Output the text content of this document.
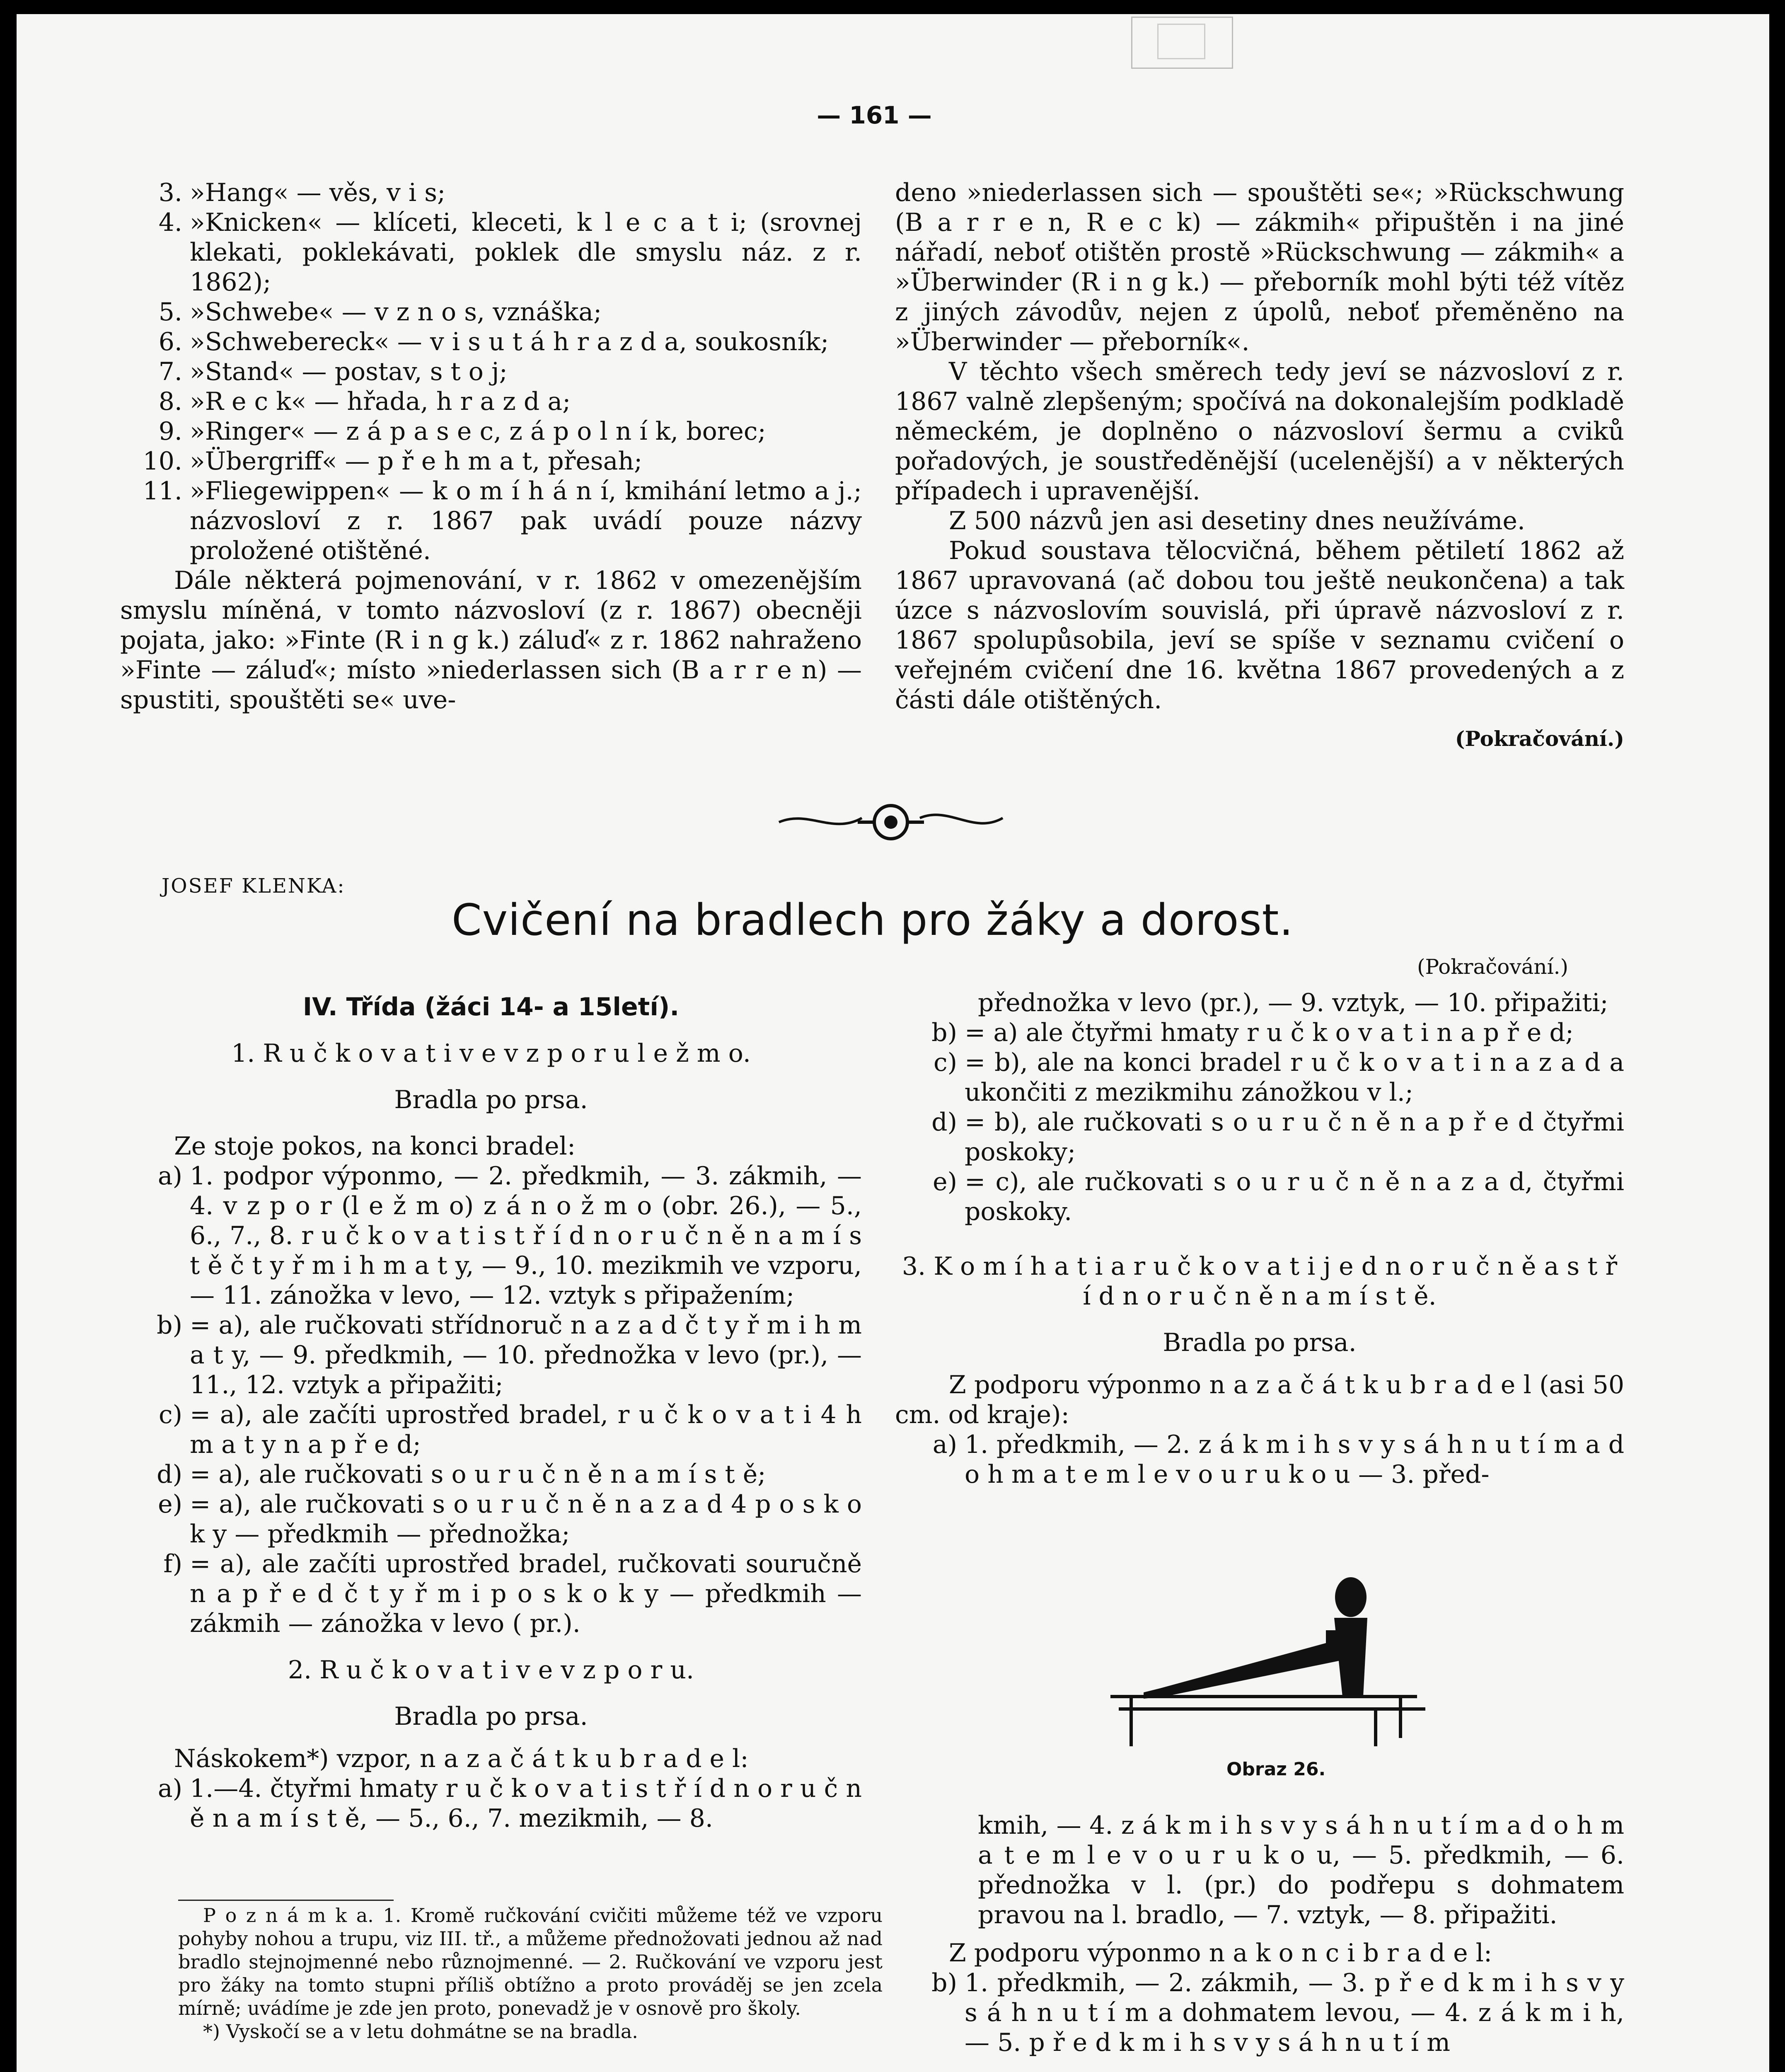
— 161 —
3. »Hang« — věs, v i s;
4. »Knicken« — klíceti, kleceti, k l e c a t i; (srovnej klekati, poklekávati, poklek dle smyslu náz. z r. 1862);
5. »Schwebe« — v z n o s, vznáška;
6. »Schwebereck« — v i s u t á h r a z d a, soukosník;
7. »Stand« — postav, s t o j;
8. »R e c k« — hřada, h r a z d a;
9. »Ringer« — z á p a s e c, z á p o l n í k, borec;
10. »Übergriff« — p ř e h m a t, přesah;
11. »Fliegewippen« — k o m í h á n í, kmihání letmo a j.; názvosloví z r. 1867 pak uvádí pouze názvy proložené otištěné.

Dále některá pojmenování, v r. 1862 v omezenějším smyslu míněná, v tomto názvosloví (z r. 1867) obecněji pojata, jako: »Finte (R i n g k.) záluď« z r. 1862 nahraženo »Finte — záluď«; místo »niederlassen sich (B a r r e n) — spustiti, spouštěti se« uve-

deno »niederlassen sich — spouštěti se«; »Rückschwung (B a r r e n, R e c k) — zákmih« připuštěn i na jiné nářadí, neboť otištěn prostě »Rückschwung — zákmih« a »Überwinder (R i n g k.) — přeborník mohl býti též vítěz z jiných závodův, nejen z úpolů, neboť přeměněno na »Überwinder — přeborník«.

V těchto všech směrech tedy jeví se názvosloví z r. 1867 valně zlepšeným; spočívá na dokonalejším podkladě německém, je doplněno o názvosloví šermu a cviků pořadových, je soustředěnější (ucelenější) a v některých případech i upravenější.

Z 500 názvů jen asi desetiny dnes neužíváme.

Pokud soustava tělocvičná, během pětiletí 1862 až 1867 upravovaná (ač dobou tou ještě neukončena) a tak úzce s názvoslovím souvislá, při úpravě názvosloví z r. 1867 spolupůsobila, jeví se spíše v seznamu cvičení o veřejném cvičení dne 16. května 1867 provedených a z části dále otištěných.

(Pokračování.)

JOSEF KLENKA:
Cvičení na bradlech pro žáky a dorost.
(Pokračování.)

IV. Třída (žáci 14- a 15letí).

1. R u č k o v a t i v e v z p o r u l e ž m o.

Bradla po prsa.

Ze stoje pokos, na konci bradel:

a) 1. podpor výponmo, — 2. předkmih, — 3. zákmih, — 4. v z p o r (l e ž m o) z á n o ž m o (obr. 26.), — 5., 6., 7., 8. r u č k o v a t i s t ř í d n o r u č n ě n a m í s t ě č t y ř m i h m a t y, — 9., 10. mezikmih ve vzporu, — 11. zánožka v levo, — 12. vztyk s připažením;
b) = a), ale ručkovati střídnoruč n a z a d č t y ř m i h m a t y, — 9. předkmih, — 10. přednožka v levo (pr.), — 11., 12. vztyk a připažiti;
c) = a), ale začíti uprostřed bradel, r u č k o v a t i 4 h m a t y n a p ř e d;
d) = a), ale ručkovati s o u r u č n ě n a m í s t ě;
e) = a), ale ručkovati s o u r u č n ě n a z a d 4 p o s k o k y — předkmih — přednožka;
f) = a), ale začíti uprostřed bradel, ručkovati souručně n a p ř e d č t y ř m i p o s k o k y — předkmih — zákmih — zánožka v levo ( pr.).

2. R u č k o v a t i v e v z p o r u.

Bradla po prsa.

Náskokem*) vzpor, n a z a č á t k u b r a d e l:

a) 1.—4. čtyřmi hmaty r u č k o v a t i s t ř í d n o r u č n ě n a m í s t ě, — 5., 6., 7. mezikmih, — 8.

P o z n á m k a. 1. Kromě ručkování cvičiti můžeme též ve vzporu pohyby nohou a trupu, viz III. tř., a můžeme přednožovati jednou až nad bradlo stejnojmenné nebo různojmenné. — 2. Ručkování ve vzporu jest pro žáky na tomto stupni příliš obtížno a proto prováděj se jen zcela mírně; uvádíme je zde jen proto, ponevadž je v osnově pro školy.

*) Vyskočí se a v letu dohmátne se na bradla.

přednožka v levo (pr.), — 9. vztyk, — 10. připažiti;

b) = a) ale čtyřmi hmaty r u č k o v a t i n a p ř e d;
c) = b), ale na konci bradel r u č k o v a t i n a z a d a ukončiti z mezikmihu zánožkou v l.;
d) = b), ale ručkovati s o u r u č n ě n a p ř e d čtyřmi poskoky;
e) = c), ale ručkovati s o u r u č n ě n a z a d, čtyřmi poskoky.

3. K o m í h a t i a r u č k o v a t i j e d n o r u č n ě a s t ř í d n o r u č n ě n a m í s t ě.

Bradla po prsa.

Z podporu výponmo n a z a č á t k u b r a d e l (asi 50 cm. od kraje):

a) 1. předkmih, — 2. z á k m i h s v y s á h n u t í m a d o h m a t e m l e v o u r u k o u — 3. před-
Obraz 26.

kmih, — 4. z á k m i h s v y s á h n u t í m a d o h m a t e m l e v o u r u k o u, — 5. předkmih, — 6. přednožka v l. (pr.) do podřepu s dohmatem pravou na l. bradlo, — 7. vztyk, — 8. připažiti.

Z podporu výponmo n a k o n c i b r a d e l:

b) 1. předkmih, — 2. zákmih, — 3. p ř e d k m i h s v y s á h n u t í m a dohmatem levou, — 4. z á k m i h, — 5. p ř e d k m i h s v y s á h n u t í m
